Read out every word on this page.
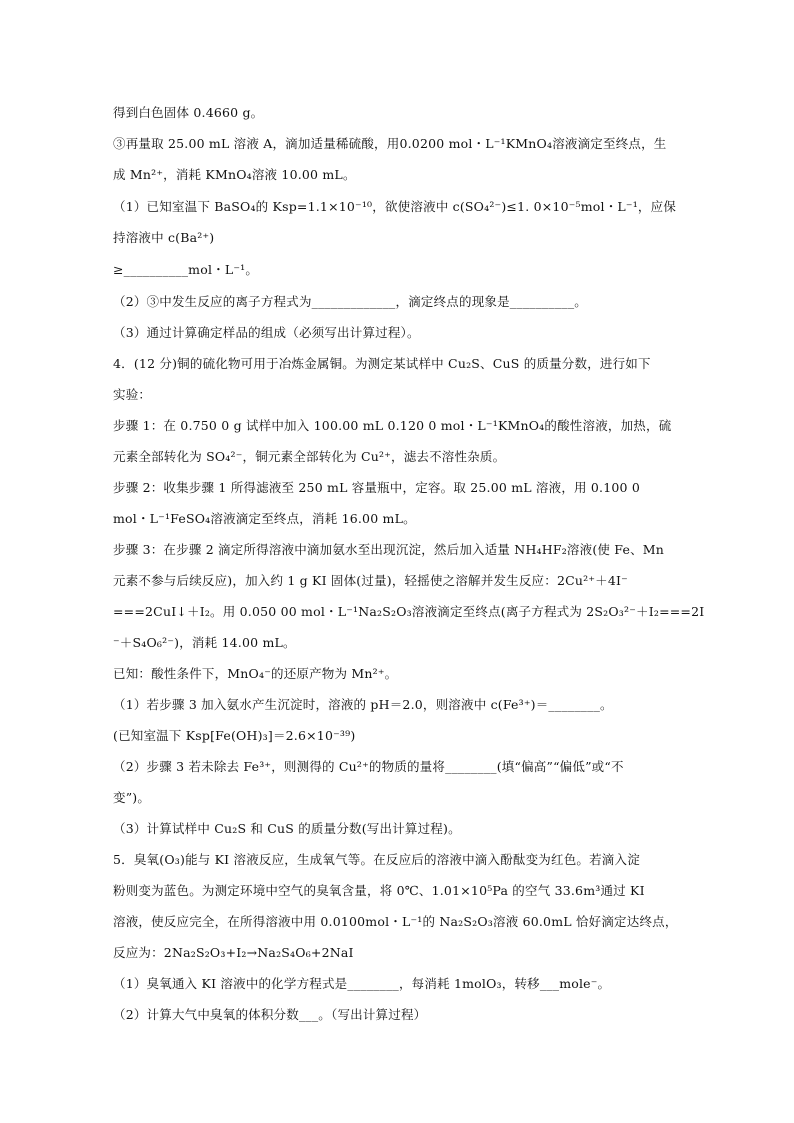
得到白色固体 0.4660 g。
③再量取 25.00 mL 溶液 A，滴加适量稀硫酸，用0.0200 mol・L⁻¹KMnO₄溶液滴定至终点，生
成 Mn²⁺，消耗 KMnO₄溶液 10.00 mL。
（1）已知室温下 BaSO₄的 Ksp=1.1×10⁻¹⁰，欲使溶液中 c(SO₄²⁻)≤1. 0×10⁻⁵mol・L⁻¹，应保
持溶液中 c(Ba²⁺)
≥__________mol・L⁻¹。
（2）③中发生反应的离子方程式为_____________，滴定终点的现象是__________。
（3）通过计算确定样品的组成（必须写出计算过程）。
4．(12 分)铜的硫化物可用于冶炼金属铜。为测定某试样中 Cu₂S、CuS 的质量分数，进行如下
实验：
步骤 1：在 0.750 0 g 试样中加入 100.00 mL 0.120 0 mol・L⁻¹KMnO₄的酸性溶液，加热，硫
元素全部转化为 SO₄²⁻，铜元素全部转化为 Cu²⁺，滤去不溶性杂质。
步骤 2：收集步骤 1 所得滤液至 250 mL 容量瓶中，定容。取 25.00 mL 溶液，用 0.100 0
mol・L⁻¹FeSO₄溶液滴定至终点，消耗 16.00 mL。
步骤 3：在步骤 2 滴定所得溶液中滴加氨水至出现沉淀，然后加入适量 NH₄HF₂溶液(使 Fe、Mn
元素不参与后续反应)，加入约 1 g KI 固体(过量)，轻摇使之溶解并发生反应：2Cu²⁺＋4I⁻
===2CuI↓＋I₂。用 0.050 00 mol・L⁻¹Na₂S₂O₃溶液滴定至终点(离子方程式为 2S₂O₃²⁻＋I₂===2I
⁻＋S₄O₆²⁻)，消耗 14.00 mL。
已知：酸性条件下，MnO₄⁻的还原产物为 Mn²⁺。
（1）若步骤 3 加入氨水产生沉淀时，溶液的 pH＝2.0，则溶液中 c(Fe³⁺)＝________。
(已知室温下 Ksp[Fe(OH)₃]＝2.6×10⁻³⁹)
（2）步骤 3 若未除去 Fe³⁺，则测得的 Cu²⁺的物质的量将________(填“偏高”“偏低”或“不
变”)。
（3）计算试样中 Cu₂S 和 CuS 的质量分数(写出计算过程)。
5．臭氧(O₃)能与 KI 溶液反应，生成氧气等。在反应后的溶液中滴入酚酞变为红色。若滴入淀
粉则变为蓝色。为测定环境中空气的臭氧含量，将 0℃、1.01×10⁵Pa 的空气 33.6m³通过 KI
溶液，使反应完全，在所得溶液中用 0.0100mol・L⁻¹的 Na₂S₂O₃溶液 60.0mL 恰好滴定达终点，
反应为：2Na₂S₂O₃+I₂→Na₂S₄O₆+2NaI
（1）臭氧通入 KI 溶液中的化学方程式是________，每消耗 1molO₃，转移___mole⁻。
（2）计算大气中臭氧的体积分数___。（写出计算过程）
